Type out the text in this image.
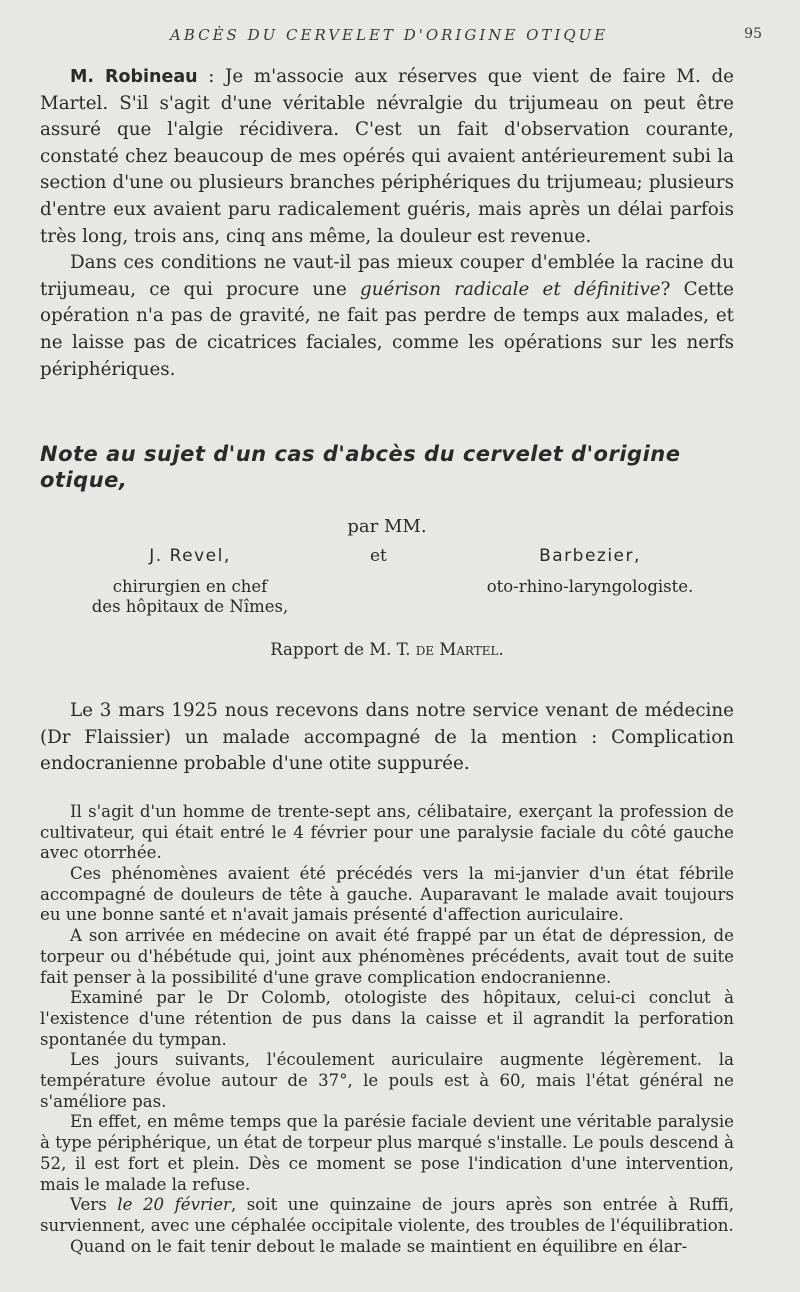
ABCÈS DU CERVELET D'ORIGINE OTIQUE	95

M. Robineau : Je m'associe aux réserves que vient de faire M. de Martel. S'il s'agit d'une véritable névralgie du trijumeau on peut être assuré que l'algie récidivera. C'est un fait d'observation courante, constaté chez beaucoup de mes opérés qui avaient antérieurement subi la section d'une ou plusieurs branches périphériques du trijumeau; plusieurs d'entre eux avaient paru radicalement guéris, mais après un délai parfois très long, trois ans, cinq ans même, la douleur est revenue.

Dans ces conditions ne vaut-il pas mieux couper d'emblée la racine du trijumeau, ce qui procure une guérison radicale et définitive? Cette opération n'a pas de gravité, ne fait pas perdre de temps aux malades, et ne laisse pas de cicatrices faciales, comme les opérations sur les nerfs périphériques.

Note au sujet d'un cas d'abcès du cervelet d'origine otique,

par MM.

J. Revel,
chirurgien en chef
des hôpitaux de Nîmes,
et	Barbezier,
oto-rhino-laryngologiste.

Rapport de M. T. de Martel.

Le 3 mars 1925 nous recevons dans notre service venant de médecine (Dr Flaissier) un malade accompagné de la mention : Complication endocranienne probable d'une otite suppurée.

Il s'agit d'un homme de trente-sept ans, célibataire, exerçant la profession de cultivateur, qui était entré le 4 février pour une paralysie faciale du côté gauche avec otorrhée.

Ces phénomènes avaient été précédés vers la mi-janvier d'un état fébrile accompagné de douleurs de tête à gauche. Auparavant le malade avait toujours eu une bonne santé et n'avait jamais présenté d'affection auriculaire.

A son arrivée en médecine on avait été frappé par un état de dépression, de torpeur ou d'hébétude qui, joint aux phénomènes précédents, avait tout de suite fait penser à la possibilité d'une grave complication endocranienne.

Examiné par le Dr Colomb, otologiste des hôpitaux, celui-ci conclut à l'existence d'une rétention de pus dans la caisse et il agrandit la perforation spontanée du tympan.

Les jours suivants, l'écoulement auriculaire augmente légèrement. la température évolue autour de 37°, le pouls est à 60, mais l'état général ne s'améliore pas.

En effet, en même temps que la parésie faciale devient une véritable paralysie à type périphérique, un état de torpeur plus marqué s'installe. Le pouls descend à 52, il est fort et plein. Dès ce moment se pose l'indication d'une intervention, mais le malade la refuse.

Vers le 20 février, soit une quinzaine de jours après son entrée à Ruffi, surviennent, avec une céphalée occipitale violente, des troubles de l'équilibration.

Quand on le fait tenir debout le malade se maintient en équilibre en élar-
